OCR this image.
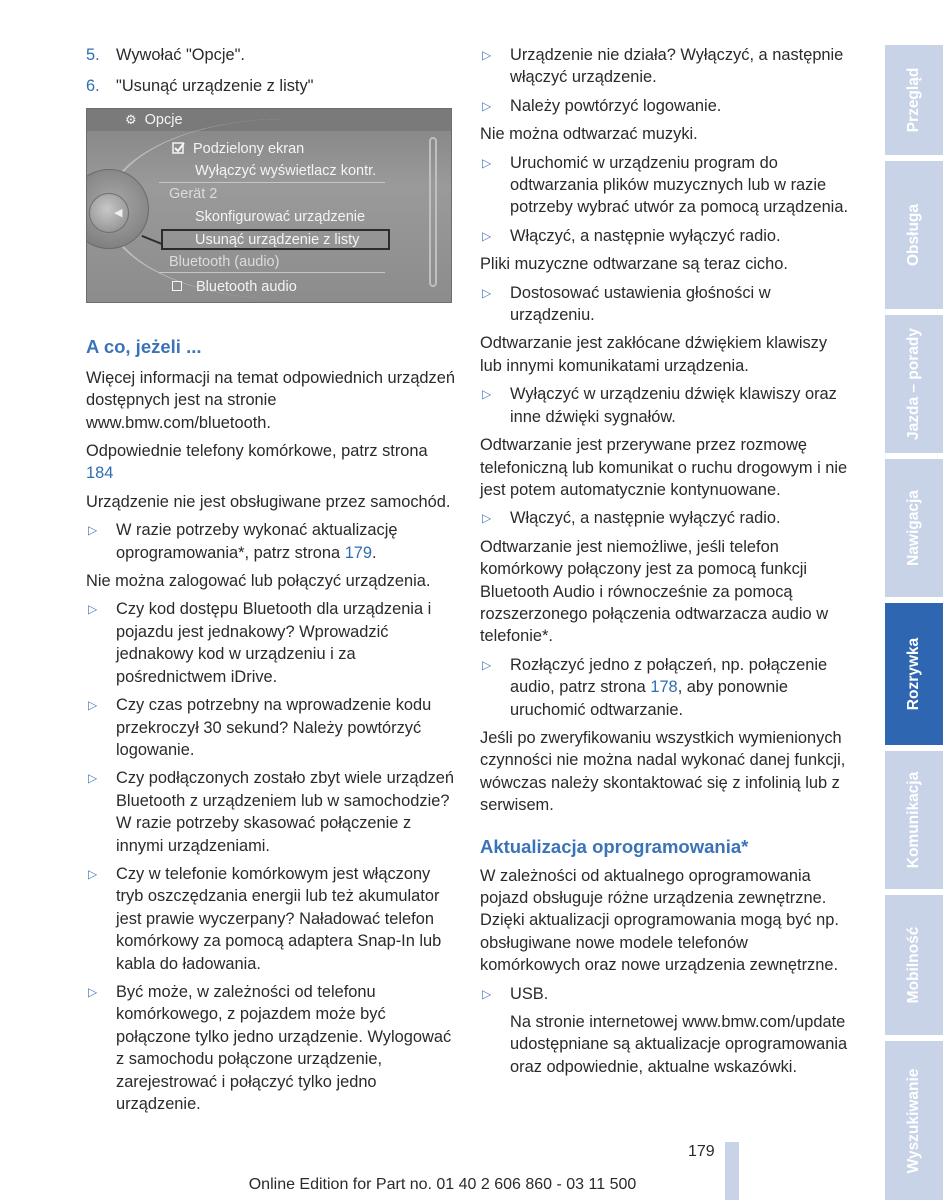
5. Wywołać "Opcje".
6. "Usunąć urządzenie z listy"
◀
⚙ Opcje
Podzielony ekran
Wyłączyć wyświetlacz kontr.
Gerät 2
Skonfigurować urządzenie
Usunąć urządzenie z listy
Bluetooth (audio)
Bluetooth audio
A co, jeżeli ...

Więcej informacji na temat odpowiednich urządzeń dostępnych jest na stronie www.bmw.com/bluetooth.

Odpowiednie telefony komórkowe, patrz strona 184

Urządzenie nie jest obsługiwane przez samochód.

▷ W razie potrzeby wykonać aktualizację oprogramowania*, patrz strona 179.

Nie można zalogować lub połączyć urządzenia.

▷ Czy kod dostępu Bluetooth dla urządzenia i pojazdu jest jednakowy? Wprowadzić jednakowy kod w urządzeniu i za pośrednictwem iDrive.
▷ Czy czas potrzebny na wprowadzenie kodu przekroczył 30 sekund? Należy powtórzyć logowanie.
▷ Czy podłączonych zostało zbyt wiele urządzeń Bluetooth z urządzeniem lub w samochodzie? W razie potrzeby skasować połączenie z innymi urządzeniami.
▷ Czy w telefonie komórkowym jest włączony tryb oszczędzania energii lub też akumulator jest prawie wyczerpany? Naładować telefon komórkowy za pomocą adaptera Snap-In lub kabla do ładowania.
▷ Być może, w zależności od telefonu komórkowego, z pojazdem może być połączone tylko jedno urządzenie. Wylogować z samochodu połączone urządzenie, zarejestrować i połączyć tylko jedno urządzenie.
▷ Urządzenie nie działa? Wyłączyć, a następnie włączyć urządzenie.
▷ Należy powtórzyć logowanie.

Nie można odtwarzać muzyki.

▷ Uruchomić w urządzeniu program do odtwarzania plików muzycznych lub w razie potrzeby wybrać utwór za pomocą urządzenia.
▷ Włączyć, a następnie wyłączyć radio.

Pliki muzyczne odtwarzane są teraz cicho.

▷ Dostosować ustawienia głośności w urządzeniu.

Odtwarzanie jest zakłócane dźwiękiem klawiszy lub innymi komunikatami urządzenia.

▷ Wyłączyć w urządzeniu dźwięk klawiszy oraz inne dźwięki sygnałów.

Odtwarzanie jest przerywane przez rozmowę telefoniczną lub komunikat o ruchu drogowym i nie jest potem automatycznie kontynuowane.

▷ Włączyć, a następnie wyłączyć radio.

Odtwarzanie jest niemożliwe, jeśli telefon komórkowy połączony jest za pomocą funkcji Bluetooth Audio i równocześnie za pomocą rozszerzonego połączenia odtwarzacza audio w telefonie*.

▷ Rozłączyć jedno z połączeń, np. połączenie audio, patrz strona 178, aby ponownie uruchomić odtwarzanie.

Jeśli po zweryfikowaniu wszystkich wymienionych czynności nie można nadal wykonać danej funkcji, wówczas należy skontaktować się z infolinią lub z serwisem.

Aktualizacja oprogramowania*

W zależności od aktualnego oprogramowania pojazd obsługuje różne urządzenia zewnętrzne. Dzięki aktualizacji oprogramowania mogą być np. obsługiwane nowe modele telefonów komórkowych oraz nowe urządzenia zewnętrzne.

▷ USB.

Na stronie internetowej www.bmw.com/update udostępniane są aktualizacje oprogramowania oraz odpowiednie, aktualne wskazówki.

Przegląd
Obsługa
Jazda – porady
Nawigacja
Rozrywka
Komunikacja
Mobilność
Wyszukiwanie
179
Online Edition for Part no. 01 40 2 606 860 - 03 11 500
